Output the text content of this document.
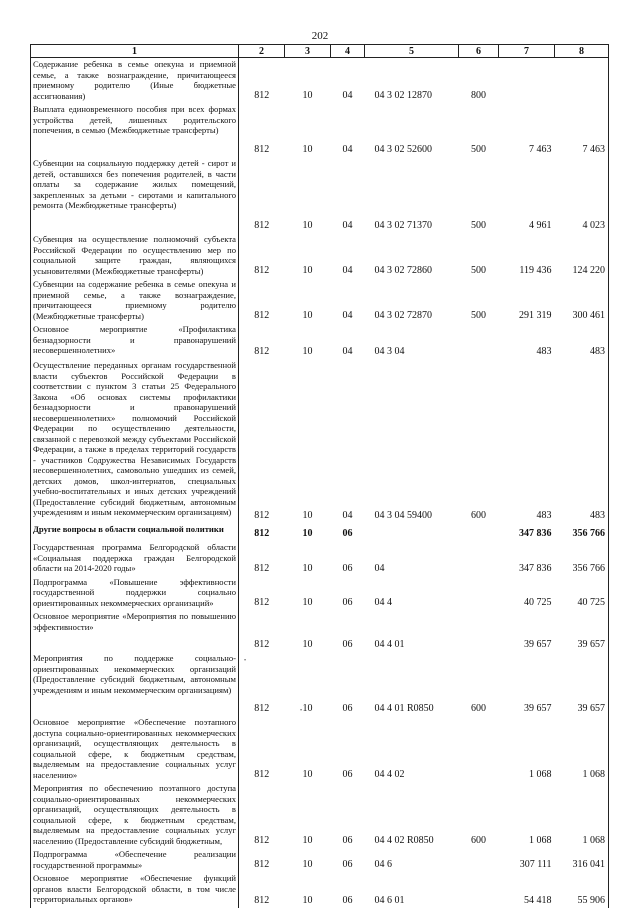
202
1	2	3	4	5	6	7	8
Содержание ребенка в семье опекуна и приемной семье, а также вознаграждение, причитающееся приемному родителю (Иные бюджетные ассигнования)	812	10	04	04 3 02 12870	800		
Выплата единовременного пособия при всех формах устройства детей, лишенных родительского попечения, в семью (Межбюджетные трансферты)	812	10	04	04 3 02 52600	500	7 463	7 463
Субвенции на социальную поддержку детей - сирот и детей, оставшихся без попечения родителей, в части оплаты за содержание жилых помещений, закрепленных за детьми - сиротами и капитального ремонта (Межбюджетные трансферты)	812	10	04	04 3 02 71370	500	4 961	4 023
Субвенция на осуществление полномочий субъекта Российской Федерации по осуществлению мер по социальной защите граждан, являющихся усыновителями (Межбюджетные трансферты)	812	10	04	04 3 02 72860	500	119 436	124 220
Субвенции на содержание ребенка в семье опекуна и приемной семье, а также вознаграждение, причитающееся приемному родителю (Межбюджетные трансферты)	812	10	04	04 3 02 72870	500	291 319	300 461
Основное мероприятие «Профилактика безнадзорности и правонарушений несовершеннолетних»	812	10	04	04 3 04		483	483
Осуществление переданных органам государственной власти субъектов Российской Федерации в соответствии с пунктом 3 статьи 25 Федерального Закона «Об основах системы профилактики безнадзорности и правонарушений несовершеннолетних» полномочий Российской Федерации по осуществлению деятельности, связанной с перевозкой между субъектами Российской Федерации, а также в пределах территорий государств - участников Содружества Независимых Государств несовершеннолетних, самовольно ушедших из семей, детских домов, школ-интернатов, специальных учебно-воспитательных и иных детских учреждений (Предоставление субсидий бюджетным, автономным учреждениям и иным некоммерческим организациям)	812	10	04	04 3 04 59400	600	483	483
Другие вопросы в области социальной политики	812	10	06			347 836	356 766
Государственная программа Белгородской области «Социальная поддержка граждан Белгородской области на 2014-2020 годы»	812	10	06	04		347 836	356 766
Подпрограмма «Повышение эффективности государственной поддержки социально ориентированных некоммерческих организаций»	812	10	06	04 4		40 725	40 725
Основное мероприятие «Мероприятия по повышению эффективности»	812	10	06	04 4 01		39 657	39 657
Мероприятия по поддержке социально-ориентированных некоммерческих организаций (Предоставление субсидий бюджетным, автономным учреждениям и иным некоммерческим организациям)	812	10	06	04 4 01 R0850	600	39 657	39 657
Основное мероприятие «Обеспечение поэтапного доступа социально-ориентированных некоммерческих организаций, осуществляющих деятельность в социальной сфере, к бюджетным средствам, выделяемым на предоставление социальных услуг населению»	812	10	06	04 4 02		1 068	1 068
Мероприятия по обеспечению поэтапного доступа социально-ориентированных некоммерческих организаций, осуществляющих деятельность в социальной сфере, к бюджетным средствам, выделяемым на предоставление социальных услуг населению (Предоставление субсидий бюджетным,	812	10	06	04 4 02 R0850	600	1 068	1 068
Подпрограмма «Обеспечение реализации государственной программы»	812	10	06	04 6		307 111	316 041
Основное мероприятие «Обеспечение функций органов власти Белгородской области, в том числе территориальных органов»	812	10	06	04 6 01		54 418	55 906
•
•
